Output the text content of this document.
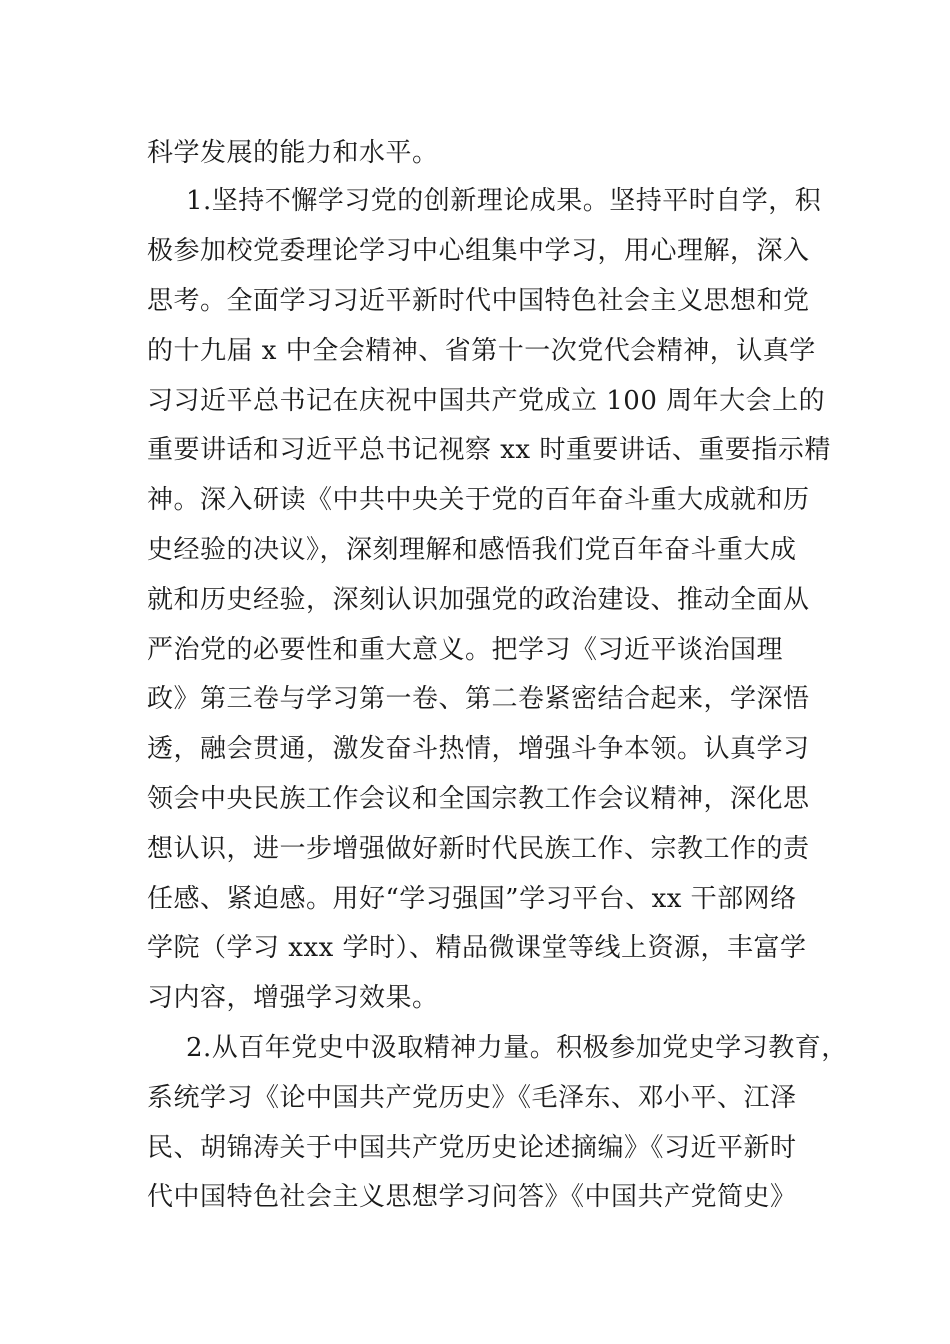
科学发展的能力和水平。
1.坚持不懈学习党的创新理论成果。坚持平时自学，积
极参加校党委理论学习中心组集中学习，用心理解，深入
思考。全面学习习近平新时代中国特色社会主义思想和党
的十九届 x 中全会精神、省第十一次党代会精神，认真学
习习近平总书记在庆祝中国共产党成立 100 周年大会上的
重要讲话和习近平总书记视察 xx 时重要讲话、重要指示精
神。深入研读《中共中央关于党的百年奋斗重大成就和历
史经验的决议》，深刻理解和感悟我们党百年奋斗重大成
就和历史经验，深刻认识加强党的政治建设、推动全面从
严治党的必要性和重大意义。把学习《习近平谈治国理
政》第三卷与学习第一卷、第二卷紧密结合起来，学深悟
透，融会贯通，激发奋斗热情，增强斗争本领。认真学习
领会中央民族工作会议和全国宗教工作会议精神，深化思
想认识，进一步增强做好新时代民族工作、宗教工作的责
任感、紧迫感。用好“学习强国”学习平台、xx 干部网络
学院（学习 xxx 学时）、精品微课堂等线上资源，丰富学
习内容，增强学习效果。
2.从百年党史中汲取精神力量。积极参加党史学习教育，
系统学习《论中国共产党历史》《毛泽东、邓小平、江泽
民、胡锦涛关于中国共产党历史论述摘编》《习近平新时
代中国特色社会主义思想学习问答》《中国共产党简史》
